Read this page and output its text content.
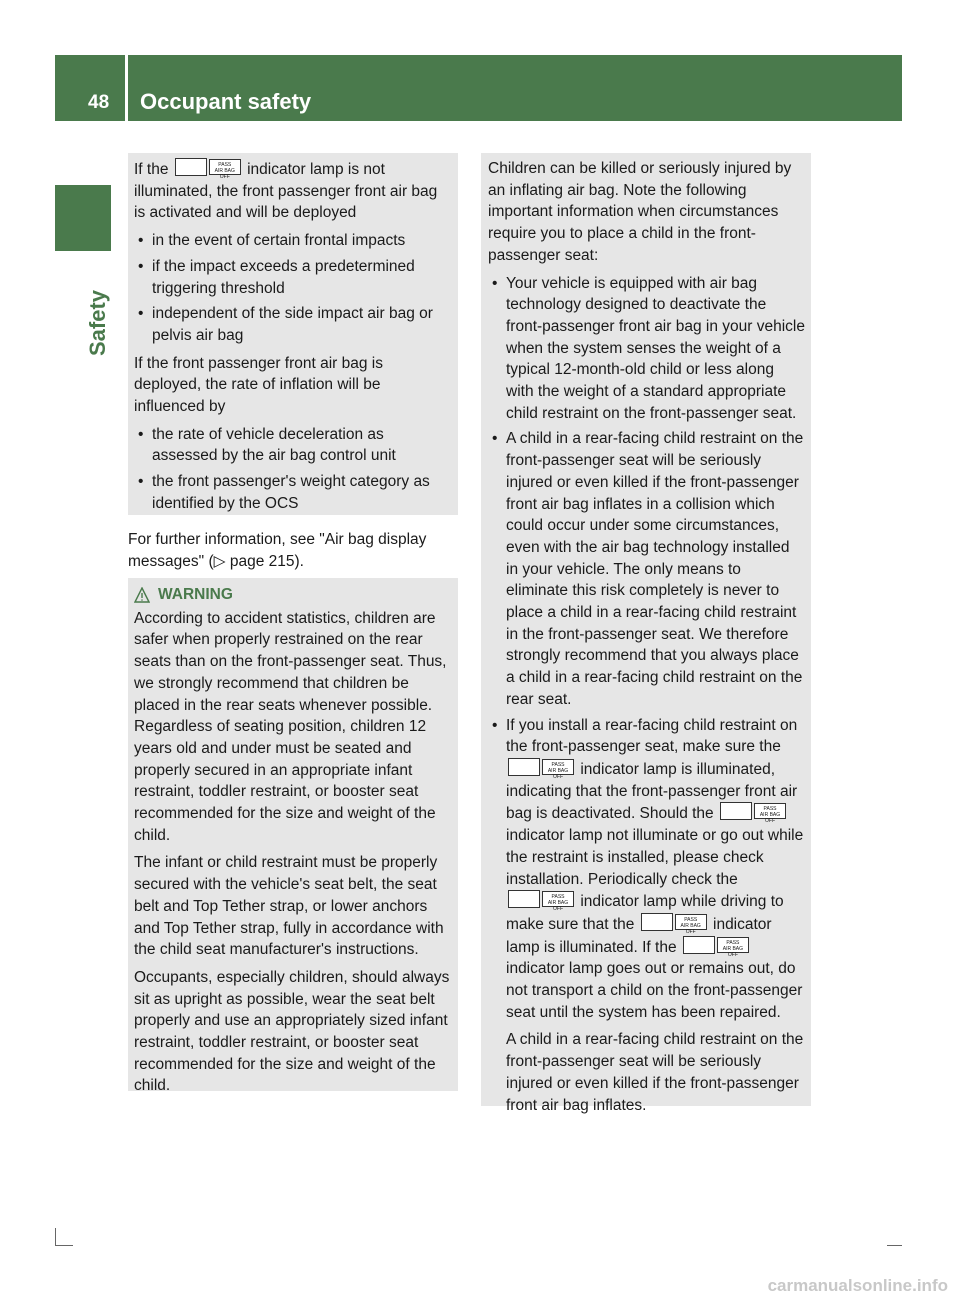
48 Occupant safety
Safety

If the	PASS
AIR BAG OFF	indicator lamp is not illuminated, the front passenger front air bag is activated and will be deployed

• in the event of certain frontal impacts
• if the impact exceeds a predetermined triggering threshold
• independent of the side impact air bag or pelvis air bag

If the front passenger front air bag is deployed, the rate of inflation will be influenced by

• the rate of vehicle deceleration as assessed by the air bag control unit
• the front passenger's weight category as identified by the OCS

For further information, see "Air bag display messages" (▷ page 215).

WARNING

According to accident statistics, children are safer when properly restrained on the rear seats than on the front-passenger seat. Thus, we strongly recommend that children be placed in the rear seats whenever possible. Regardless of seating position, children 12 years old and under must be seated and properly secured in an appropriate infant restraint, toddler restraint, or booster seat recommended for the size and weight of the child.

The infant or child restraint must be properly secured with the vehicle's seat belt, the seat belt and Top Tether strap, or lower anchors and Top Tether strap, fully in accordance with the child seat manufacturer's instructions.

Occupants, especially children, should always sit as upright as possible, wear the seat belt properly and use an appropriately sized infant restraint, toddler restraint, or booster seat recommended for the size and weight of the child.

Children can be killed or seriously injured by an inflating air bag. Note the following important information when circumstances require you to place a child in the front-passenger seat:

• Your vehicle is equipped with air bag technology designed to deactivate the front-passenger front air bag in your vehicle when the system senses the weight of a typical 12-month-old child or less along with the weight of a standard appropriate child restraint on the front-passenger seat.
• A child in a rear-facing child restraint on the front-passenger seat will be seriously injured or even killed if the front-passenger front air bag inflates in a collision which could occur under some circumstances, even with the air bag technology installed in your vehicle. The only means to eliminate this risk completely is never to place a child in a rear-facing child restraint in the front-passenger seat. We therefore strongly recommend that you always place a child in a rear-facing child restraint on the rear seat.
• If you install a rear-facing child restraint on the front-passenger seat, make sure the
PASS
AIR BAG OFF	indicator lamp is illuminated, indicating that the front-passenger front air bag is deactivated. Should the	PASS
AIR BAG OFF
indicator lamp not illuminate or go out while the restraint is installed, please check installation. Periodically check the
PASS
AIR BAG OFF	indicator lamp while driving to make sure that the	PASS
AIR BAG OFF	indicator lamp is illuminated. If the	PASS
AIR BAG OFF
indicator lamp goes out or remains out, do not transport a child on the front-passenger seat until the system has been repaired.

A child in a rear-facing child restraint on the front-passenger seat will be seriously injured or even killed if the front-passenger front air bag inflates.

carmanualsonline.info
